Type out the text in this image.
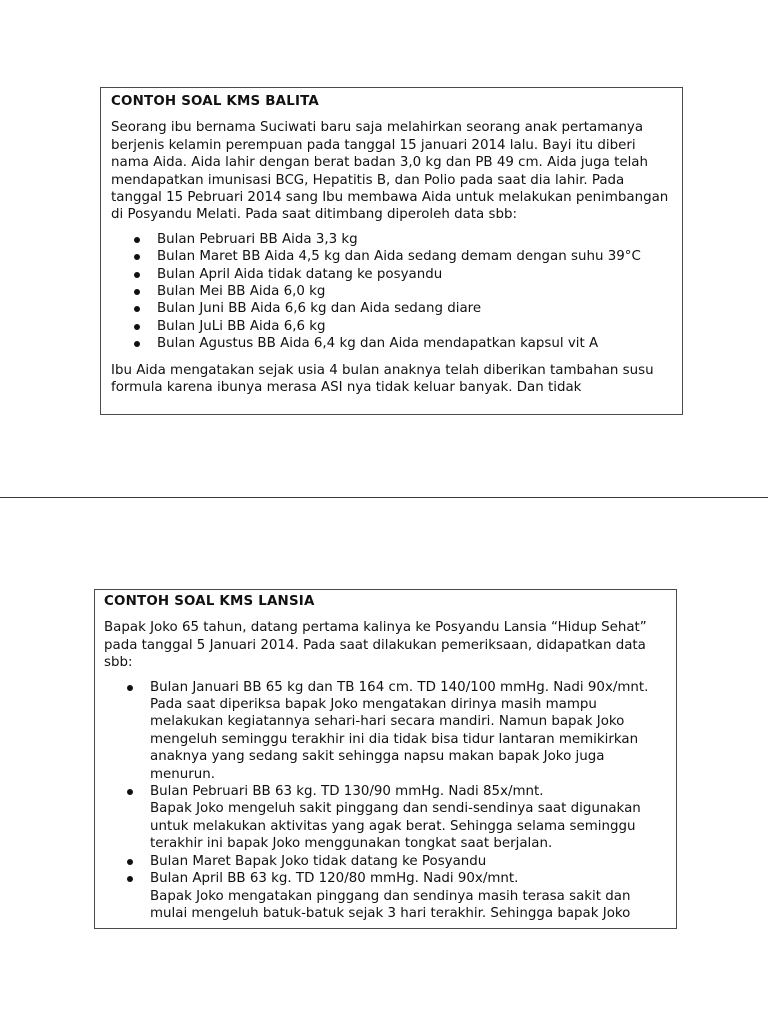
CONTOH SOAL KMS BALITA
Seorang ibu bernama Suciwati baru saja melahirkan seorang anak pertamanya berjenis kelamin perempuan pada tanggal 15 januari 2014 lalu. Bayi itu diberi nama Aida. Aida lahir dengan berat badan 3,0 kg dan PB 49 cm. Aida juga telah mendapatkan imunisasi BCG, Hepatitis B, dan Polio pada saat dia lahir. Pada tanggal 15 Pebruari 2014 sang Ibu membawa Aida untuk melakukan penimbangan di Posyandu Melati. Pada saat ditimbang diperoleh data sbb:
Bulan Pebruari BB Aida 3,3 kg
Bulan Maret BB Aida 4,5 kg dan Aida sedang demam dengan suhu 39°C
Bulan April Aida tidak datang ke posyandu
Bulan Mei BB Aida 6,0 kg
Bulan Juni BB Aida 6,6 kg dan Aida sedang diare
Bulan JuLi BB Aida 6,6 kg
Bulan Agustus BB Aida 6,4 kg dan Aida mendapatkan kapsul vit A
Ibu Aida mengatakan sejak usia 4 bulan anaknya telah diberikan tambahan susu formula karena ibunya merasa ASI nya tidak keluar banyak. Dan tidak
CONTOH SOAL KMS LANSIA
Bapak Joko 65 tahun, datang pertama kalinya ke Posyandu Lansia “Hidup Sehat” pada tanggal 5 Januari 2014. Pada saat dilakukan pemeriksaan, didapatkan data sbb:
Bulan Januari BB 65 kg dan TB 164 cm. TD 140/100 mmHg. Nadi 90x/mnt.
Pada saat diperiksa bapak Joko mengatakan dirinya masih mampu melakukan kegiatannya sehari-hari secara mandiri. Namun bapak Joko mengeluh seminggu terakhir ini dia tidak bisa tidur lantaran memikirkan anaknya yang sedang sakit sehingga napsu makan bapak Joko juga menurun.
Bulan Pebruari BB 63 kg. TD 130/90 mmHg. Nadi 85x/mnt.
Bapak Joko mengeluh sakit pinggang dan sendi-sendinya saat digunakan untuk melakukan aktivitas yang agak berat. Sehingga selama seminggu terakhir ini bapak Joko menggunakan tongkat saat berjalan.
Bulan Maret Bapak Joko tidak datang ke Posyandu
Bulan April BB 63 kg. TD 120/80 mmHg. Nadi 90x/mnt.
Bapak Joko mengatakan pinggang dan sendinya masih terasa sakit dan mulai mengeluh batuk-batuk sejak 3 hari terakhir. Sehingga bapak Joko
